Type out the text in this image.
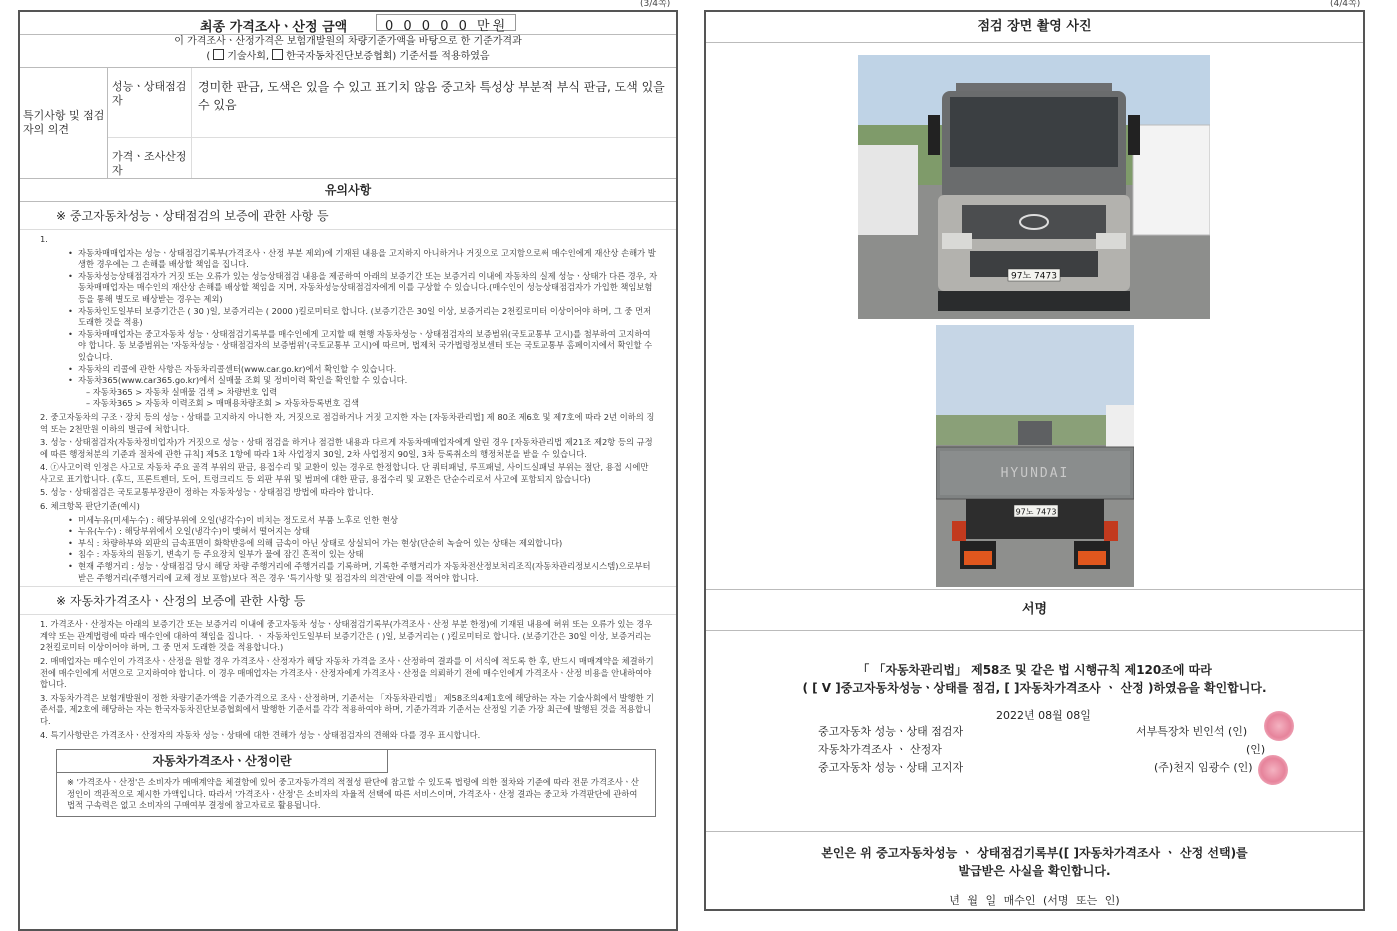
(3/4쪽)	(4/4쪽)
최종 가격조사ㆍ산정 금액	0 0 0 0 0 만원
이 가격조사ㆍ산정가격은 보험개발원의 차량기준가액을 바탕으로 한 기준가격과
( 기술사회, 한국자동차진단보증협회) 기준서를 적용하였음
특기사항 및 점검자의 의견
성능ㆍ상태점검자
경미한 판금, 도색은 있을 수 있고 표기치 않음 중고차 특성상 부분적 부식 판금, 도색 있을 수 있음
가격ㆍ조사산정자
유의사항
※ 중고자동차성능ㆍ상태점검의 보증에 관한 사항 등
1.
• 자동차매매업자는 성능ㆍ상태점검기록부(가격조사ㆍ산정 부분 제외)에 기재된 내용을 고지하지 아니하거나 거짓으로 고지함으로써 매수인에게 재산상 손해가 발생한 경우에는 그 손해를 배상할 책임을 집니다.
• 자동차성능상태점검자가 거짓 또는 오류가 있는 성능상태점검 내용을 제공하여 아래의 보증기간 또는 보증거리 이내에 자동차의 실제 성능ㆍ상태가 다른 경우, 자동차매매업자는 매수인의 재산상 손해를 배상할 책임을 지며, 자동차성능상태점검자에게 이를 구상할 수 있습니다.(매수인이 성능상태점검자가 가입한 책임보험 등을 통해 별도로 배상받는 경우는 제외)
• 자동차인도일부터 보증기간은 ( 30 )일, 보증거리는 ( 2000 )킬로미터로 합니다. (보증기간은 30일 이상, 보증거리는 2천킬로미터 이상이어야 하며, 그 중 먼저 도래한 것을 적용)
• 자동차매매업자는 중고자동차 성능ㆍ상태점검기록부를 매수인에게 고지할 때 현행 자동차성능ㆍ상태점검자의 보증범위(국토교통부 고시)를 첨부하여 고지하여야 합니다. 동 보증범위는 '자동차성능ㆍ상태점검자의 보증범위'(국토교통부 고시)에 따르며, 법제처 국가법령정보센터 또는 국토교통부 홈페이지에서 확인할 수 있습니다.
• 자동차의 리콜에 관한 사항은 자동차리콜센터(www.car.go.kr)에서 확인할 수 있습니다.
• 자동차365(www.car365.go.kr)에서 실매물 조회 및 정비이력 확인을 확인할 수 있습니다.
– 자동차365 > 자동차 실매물 검색 > 차량번호 입력
– 자동차365 > 자동차 이력조회 > 매매용차량조회 > 자동차등록번호 검색
2. 중고자동차의 구조ㆍ장치 등의 성능ㆍ상태를 고지하지 아니한 자, 거짓으로 점검하거나 거짓 고지한 자는 [자동차관리법] 제 80조 제6호 및 제7호에 따라 2년 이하의 징역 또는 2천만원 이하의 벌금에 처합니다.
3. 성능ㆍ상태점검자(자동차정비업자)가 거짓으로 성능ㆍ상태 점검을 하거나 점검한 내용과 다르게 자동차매매업자에게 알린 경우 [자동차관리법 제21조 제2항 등의 규정에 따른 행정처분의 기준과 절차에 관한 규칙] 제5조 1항에 따라 1차 사업정지 30일, 2차 사업정지 90일, 3차 등록취소의 행정처분을 받을 수 있습니다.
4. ⓡ사고이력 인정은 사고로 자동차 주요 골격 부위의 판금, 용접수리 및 교환이 있는 경우로 한정합니다. 단 쿼터패널, 루프패널, 사이드실패널 부위는 절단, 용접 시에만 사고로 표기합니다. (후드, 프론트펜더, 도어, 트렁크리드 등 외판 부위 및 범퍼에 대한 판금, 용접수리 및 교환은 단순수리로서 사고에 포함되지 않습니다)
5. 성능ㆍ상태점검은 국토교통부장관이 정하는 자동차성능ㆍ상태점검 방법에 따라야 합니다.
6. 체크항목 판단기준(예시)
• 미세누유(미세누수) : 해당부위에 오일(냉각수)이 비치는 정도로서 부품 노후로 인한 현상
• 누유(누수) : 해당부위에서 오일(냉각수)이 맺혀서 떨어지는 상태
• 부식 : 차량하부와 외판의 금속표면이 화학반응에 의해 금속이 아닌 상태로 상실되어 가는 현상(단순히 녹슬어 있는 상태는 제외합니다)
• 침수 : 자동차의 원동기, 변속기 등 주요장치 일부가 물에 잠긴 흔적이 있는 상태
• 현재 주행거리 : 성능ㆍ상태점검 당시 해당 차량 주행거리에 주행거리를 기록하며, 기록한 주행거리가 자동차전산정보처리조직(자동차관리정보시스템)으로부터 받은 주행거리(주행거리에 교체 정보 포함)보다 적은 경우 '특기사항 및 점검자의 의견'란에 이를 적어야 합니다.
※ 자동차가격조사ㆍ산정의 보증에 관한 사항 등
1. 가격조사ㆍ산정자는 아래의 보증기간 또는 보증거리 이내에 중고자동차 성능ㆍ상태점검기록부(가격조사ㆍ산정 부분 한정)에 기재된 내용에 허위 또는 오류가 있는 경우 계약 또는 관계법령에 따라 매수인에 대하여 책임을 집니다. ㆍ 자동차인도일부터 보증기간은 ( )일, 보증거리는 ( )킬로미터로 합니다. (보증기간은 30일 이상, 보증거리는 2천킬로미터 이상이어야 하며, 그 중 먼저 도래한 것을 적용합니다.)
2. 매매업자는 매수인이 가격조사ㆍ산정을 원할 경우 가격조사ㆍ산정자가 해당 자동차 가격을 조사ㆍ산정하여 결과를 이 서식에 적도록 한 후, 반드시 매매계약을 체결하기 전에 매수인에게 서면으로 고지하여야 합니다. 이 경우 매매업자는 가격조사ㆍ산정자에게 가격조사ㆍ산정을 의뢰하기 전에 매수인에게 가격조사ㆍ산정 비용을 안내하여야 합니다.
3. 자동차가격은 보험개발원이 정한 차량기준가액을 기준가격으로 조사ㆍ산정하며, 기준서는 「자동차관리법」 제58조의4제1호에 해당하는 자는 기술사회에서 발행한 기준서를, 제2호에 해당하는 자는 한국자동차진단보증협회에서 발행한 기준서를 각각 적용하여야 하며, 기준가격과 기준서는 산정일 기준 가장 최근에 발행된 것을 적용합니다.
4. 특기사항란은 가격조사ㆍ산정자의 자동차 성능ㆍ상태에 대한 견해가 성능ㆍ상태점검자의 견해와 다를 경우 표시합니다.
자동차가격조사ㆍ산정이란
※ '가격조사ㆍ산정'은 소비자가 매매계약을 체결함에 있어 중고자동가격의 적절성 판단에 참고할 수 있도록 법령에 의한 절차와 기준에 따라 전문 가격조사ㆍ산정인이 객관적으로 제시한 가액입니다. 따라서 '가격조사ㆍ산정'은 소비자의 자율적 선택에 따른 서비스이며, 가격조사ㆍ산정 결과는 중고차 가격판단에 관하여 법적 구속력은 없고 소비자의 구매여부 결정에 참고자료로 활용됩니다.
점검 장면 촬영 사진
97노 7473
HYUNDAI
97노 7473
서명
「 「자동차관리법」 제58조 및 같은 법 시행규칙 제120조에 따라
( [ V ]중고자동차성능ㆍ상태를 점검, [ ]자동차가격조사 ㆍ 산정 )하였음을 확인합니다.
2022년 08월 08일
중고자동차 성능ㆍ상태 점검자	서부특장차 빈인석 (인)
자동차가격조사 ㆍ 산정자	(인)
중고자동차 성능ㆍ상태 고지자	(주)천지 임광수 (인)
본인은 위 중고자동차성능 ㆍ 상태점검기록부([ ]자동차가격조사 ㆍ 산정 선택)를
발급받은 사실을 확인합니다.
년 월 일 매수인 (서명 또는 인)
